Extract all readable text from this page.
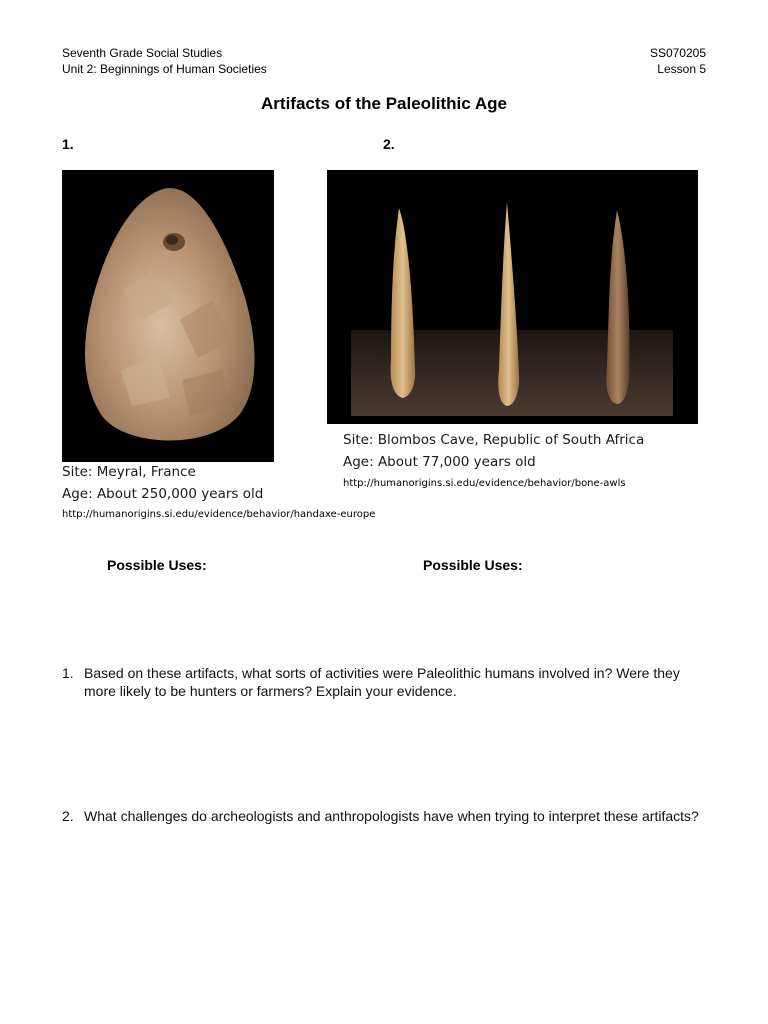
Seventh Grade Social Studies
Unit 2: Beginnings of Human Societies
SS070205
Lesson 5
Artifacts of the Paleolithic Age
1.	2.
Site: Blombos Cave, Republic of South Africa
Age: About 77,000 years old
http://humanorigins.si.edu/evidence/behavior/bone-awls
Site: Meyral, France
Age: About 250,000 years old
http://humanorigins.si.edu/evidence/behavior/handaxe-europe
Possible Uses:	Possible Uses:
1. Based on these artifacts, what sorts of activities were Paleolithic humans involved in? Were they more likely to be hunters or farmers? Explain your evidence.
2. What challenges do archeologists and anthropologists have when trying to interpret these artifacts?
